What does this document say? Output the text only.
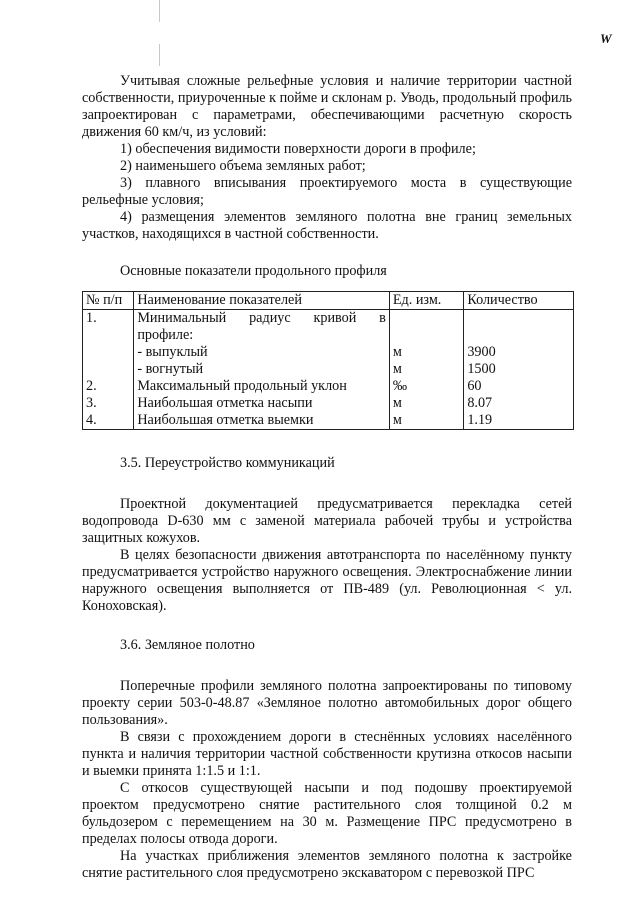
W

Учитывая сложные рельефные условия и наличие территории частной собственности, приуроченные к пойме и склонам р. Уводь, продольный профиль запроектирован с параметрами, обеспечивающими расчетную скорость движения 60 км/ч, из условий:

1) обеспечения видимости поверхности дороги в профиле;

2) наименьшего объема земляных работ;

3) плавного вписывания проектируемого моста в существующие рельефные условия;

4) размещения элементов земляного полотна вне границ земельных участков, находящихся в частной собственности.

Основные показатели продольного профиля

№ п/п	Наименование показателей	Ед. изм.	Количество
1.	Минимальный радиус кривой в профиле:		
	- выпуклый	м	3900
	- вогнутый	м	1500
2.	Максимальный продольный уклон	‰	60
3.	Наибольшая отметка насыпи	м	8.07
4.	Наибольшая отметка выемки	м	1.19

3.5. Переустройство коммуникаций

Проектной документацией предусматривается перекладка сетей водопровода D-630 мм с заменой материала рабочей трубы и устройства защитных кожухов.

В целях безопасности движения автотранспорта по населённому пункту предусматривается устройство наружного освещения. Электроснабжение линии наружного освещения выполняется от ПВ-489 (ул. Революционная < ул. Коноховская).

3.6. Земляное полотно

Поперечные профили земляного полотна запроектированы по типовому проекту серии 503-0-48.87 «Земляное полотно автомобильных дорог общего пользования».

В связи с прохождением дороги в стеснённых условиях населённого пункта и наличия территории частной собственности крутизна откосов насыпи и выемки принята 1:1.5 и 1:1.

С откосов существующей насыпи и под подошву проектируемой проектом предусмотрено снятие растительного слоя толщиной 0.2 м бульдозером с перемещением на 30 м. Размещение ПРС предусмотрено в пределах полосы отвода дороги.

На участках приближения элементов земляного полотна к застройке снятие растительного слоя предусмотрено экскаватором с перевозкой ПРС
